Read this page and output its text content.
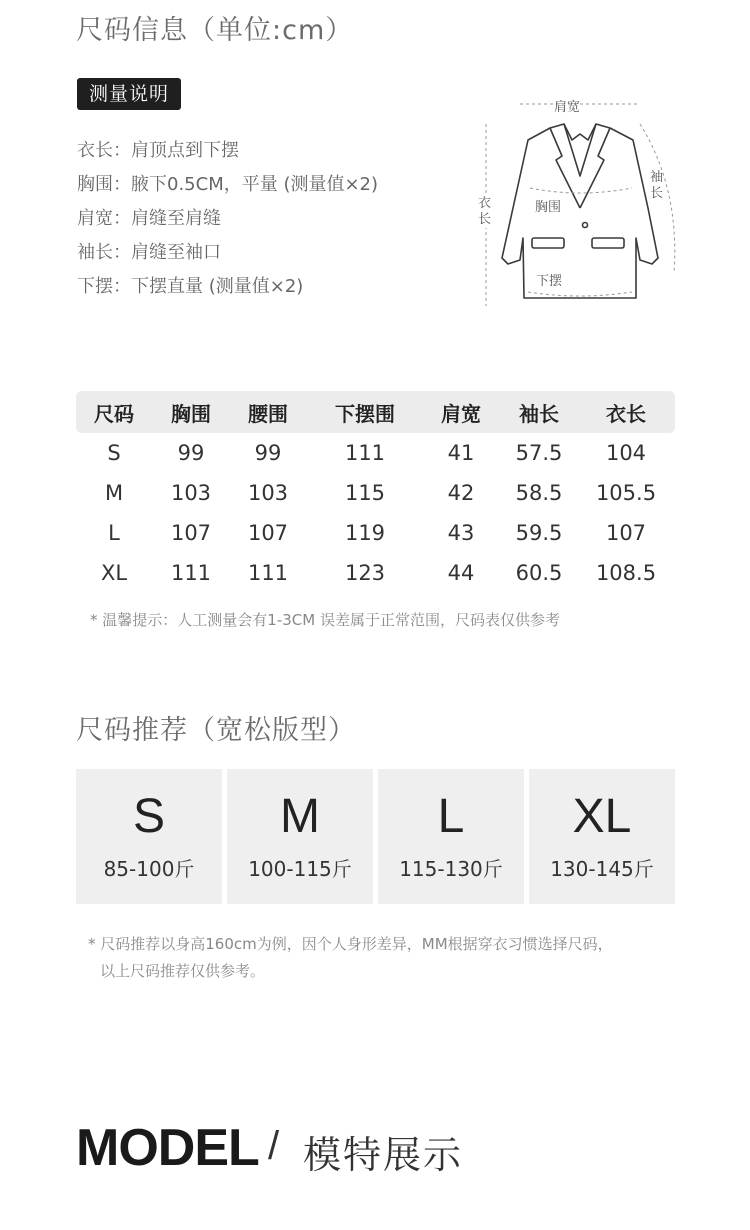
尺码信息（单位:cm）
测量说明
衣长 ： 肩顶点到下摆
胸围 ： 腋下0.5CM，平量 (测量值×2)
肩宽 ： 肩缝至肩缝
袖长 ： 肩缝至袖口
下摆 ： 下摆直量 (测量值×2)
肩宽
衣长
胸围
袖长
下摆
尺码 胸围 腰围 下摆围 肩宽 袖长 衣长
S	99 99	111	41 57.5 104
M 103 103	115	42 58.5 105.5
L 107 107	119	43 59.5 107
XL 111 111	123	44 60.5 108.5
* 温馨提示：人工测量会有1-3CM 误差属于正常范围，尺码表仅供参考
尺码推荐（宽松版型）
S
85-100斤
M
100-115斤
L
115-130斤
XL
130-145斤
* 尺码推荐以身高160cm为例，因个人身形差异，MM根据穿衣习惯选择尺码，
以上尺码推荐仅供参考。
MODEL / 模特展示
